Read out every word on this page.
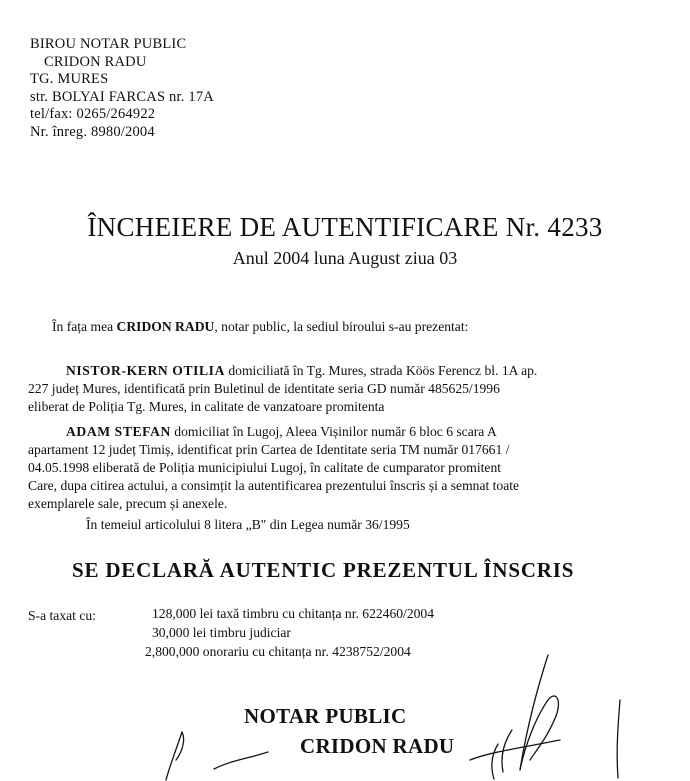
BIROU NOTAR PUBLIC
CRIDON RADU
TG. MURES
str. BOLYAI FARCAS nr. 17A
tel/fax: 0265/264922
Nr. înreg. 8980/2004
ÎNCHEIERE DE AUTENTIFICARE Nr. 4233
Anul 2004 luna August ziua 03
În fața mea CRIDON RADU, notar public, la sediul biroului s-au prezentat:
NISTOR-KERN OTILIA domiciliată în Tg. Mures, strada Köös Ferencz bl. 1A ap.
227 județ Mures, identificată prin Buletinul de identitate seria GD număr 485625/1996
eliberat de Poliția Tg. Mures, in calitate de vanzatoare promitenta
ADAM STEFAN domiciliat în Lugoj, Aleea Vișinilor număr 6 bloc 6 scara A
apartament 12 județ Timiș, identificat prin Cartea de Identitate seria TM număr 017661 /
04.05.1998 eliberată de Poliția municipiului Lugoj, în calitate de cumparator promitent
Care, dupa citirea actului, a consimțit la autentificarea prezentului înscris și a semnat toate
exemplarele sale, precum și anexele.
În temeiul articolului 8 litera „B" din Legea număr 36/1995
SE DECLARĂ AUTENTIC PREZENTUL ÎNSCRIS
S-a taxat cu:	128,000 lei taxă timbru cu chitanța nr. 622460/2004
30,000 lei timbru judiciar
2,800,000 onorariu cu chitanța nr. 4238752/2004
NOTAR PUBLIC
CRIDON RADU
